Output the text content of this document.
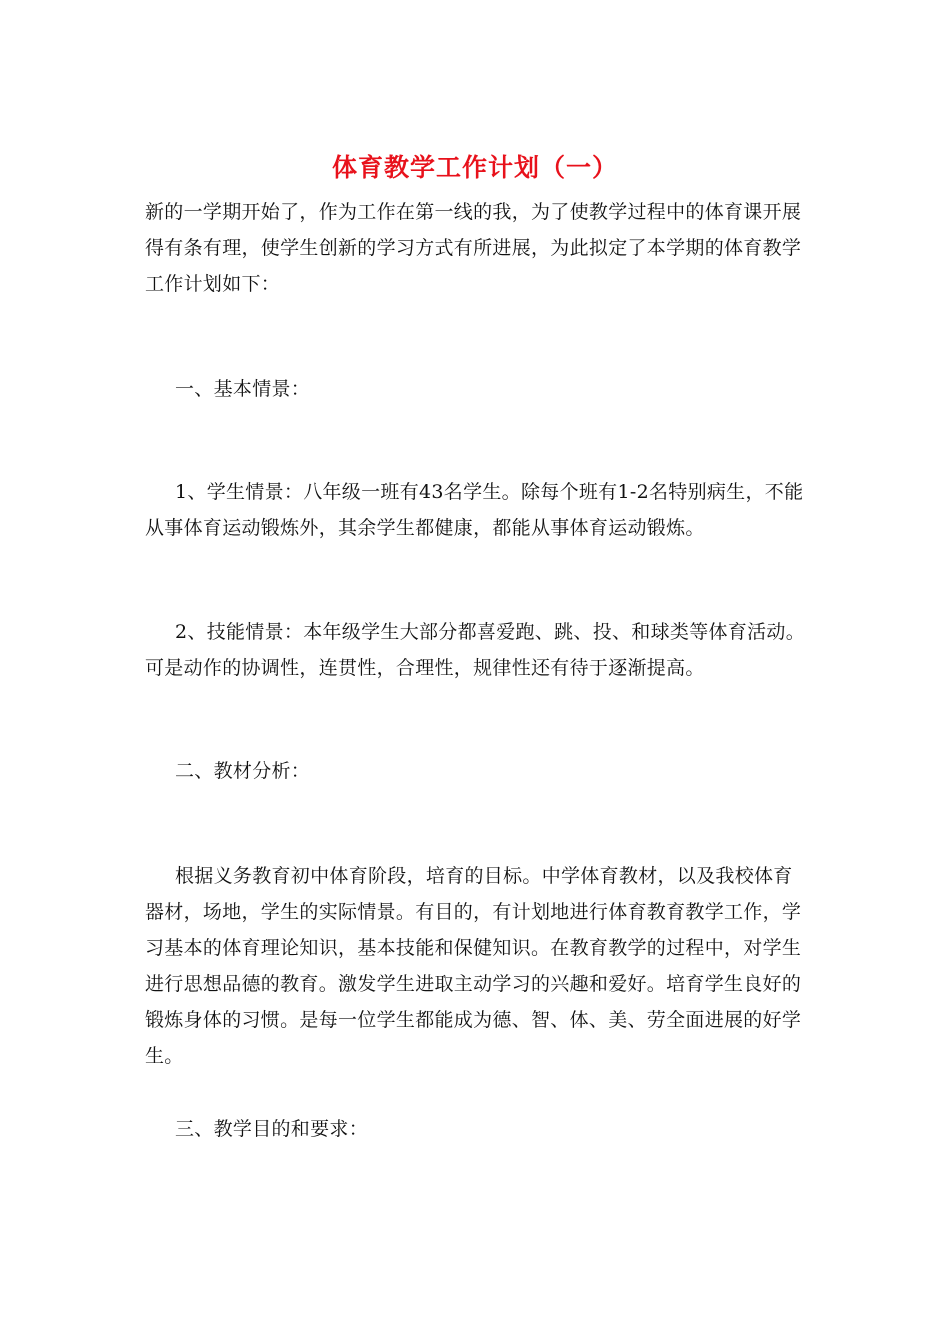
体育教学工作计划（一）

新的一学期开始了，作为工作在第一线的我，为了使教学过程中的体育课开展得有条有理，使学生创新的学习方式有所进展，为此拟定了本学期的体育教学工作计划如下：

一、基本情景：

1、学生情景：八年级一班有43名学生。除每个班有1-2名特别病生，不能从事体育运动锻炼外，其余学生都健康，都能从事体育运动锻炼。

2、技能情景：本年级学生大部分都喜爱跑、跳、投、和球类等体育活动。可是动作的协调性，连贯性，合理性，规律性还有待于逐渐提高。

二、教材分析：

根据义务教育初中体育阶段，培育的目标。中学体育教材，以及我校体育器材，场地，学生的实际情景。有目的，有计划地进行体育教育教学工作，学习基本的体育理论知识，基本技能和保健知识。在教育教学的过程中，对学生进行思想品德的教育。激发学生进取主动学习的兴趣和爱好。培育学生良好的锻炼身体的习惯。是每一位学生都能成为德、智、体、美、劳全面进展的好学生。

三、教学目的和要求：
